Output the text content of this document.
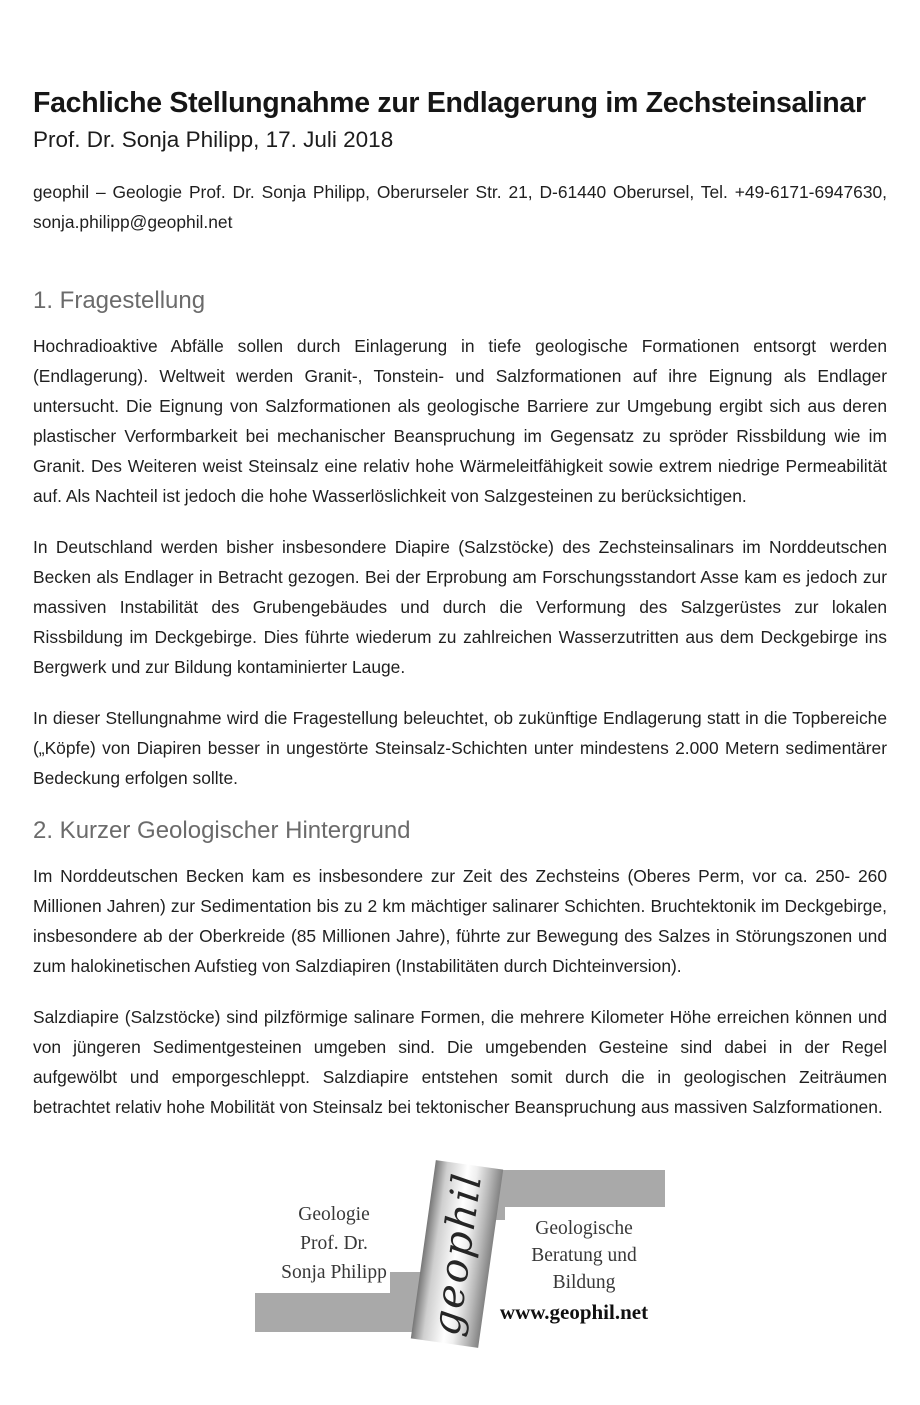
Fachliche Stellungnahme zur Endlagerung im Zechsteinsalinar
Prof. Dr. Sonja Philipp, 17. Juli 2018

geophil – Geologie Prof. Dr. Sonja Philipp, Oberurseler Str. 21, D-61440 Oberursel, Tel. +49-6171-6947630, sonja.philipp@geophil.net

1. Fragestellung

Hochradioaktive Abfälle sollen durch Einlagerung in tiefe geologische Formationen entsorgt werden (Endlagerung). Weltweit werden Granit-, Tonstein- und Salzformationen auf ihre Eignung als Endlager untersucht. Die Eignung von Salzformationen als geologische Barriere zur Umgebung ergibt sich aus deren plastischer Verformbarkeit bei mechanischer Beanspruchung im Gegensatz zu spröder Rissbildung wie im Granit. Des Weiteren weist Steinsalz eine relativ hohe Wärmeleitfähigkeit sowie extrem niedrige Permeabilität auf. Als Nachteil ist jedoch die hohe Wasserlöslichkeit von Salzgesteinen zu berücksichtigen.

In Deutschland werden bisher insbesondere Diapire (Salzstöcke) des Zechsteinsalinars im Norddeutschen Becken als Endlager in Betracht gezogen. Bei der Erprobung am Forschungsstandort Asse kam es jedoch zur massiven Instabilität des Grubengebäudes und durch die Verformung des Salzgerüstes zur lokalen Rissbildung im Deckgebirge. Dies führte wiederum zu zahlreichen Wasserzutritten aus dem Deckgebirge ins Bergwerk und zur Bildung kontaminierter Lauge.

In dieser Stellungnahme wird die Fragestellung beleuchtet, ob zukünftige Endlagerung statt in die Topbereiche („Köpfe) von Diapiren besser in ungestörte Steinsalz-Schichten unter mindestens 2.000 Metern sedimentärer Bedeckung erfolgen sollte.

2. Kurzer Geologischer Hintergrund

Im Norddeutschen Becken kam es insbesondere zur Zeit des Zechsteins (Oberes Perm, vor ca. 250- 260 Millionen Jahren) zur Sedimentation bis zu 2 km mächtiger salinarer Schichten. Bruchtektonik im Deckgebirge, insbesondere ab der Oberkreide (85 Millionen Jahre), führte zur Bewegung des Salzes in Störungszonen und zum halokinetischen Aufstieg von Salzdiapiren (Instabilitäten durch Dichteinversion).

Salzdiapire (Salzstöcke) sind pilzförmige salinare Formen, die mehrere Kilometer Höhe erreichen können und von jüngeren Sedimentgesteinen umgeben sind. Die umgebenden Gesteine sind dabei in der Regel aufgewölbt und emporgeschleppt. Salzdiapire entstehen somit durch die in geologischen Zeiträumen betrachtet relativ hohe Mobilität von Steinsalz bei tektonischer Beanspruchung aus massiven Salzformationen.

geophil
Geologie
Prof. Dr.
Sonja Philipp
Geologische
Beratung und
Bildung
www.geophil.net
